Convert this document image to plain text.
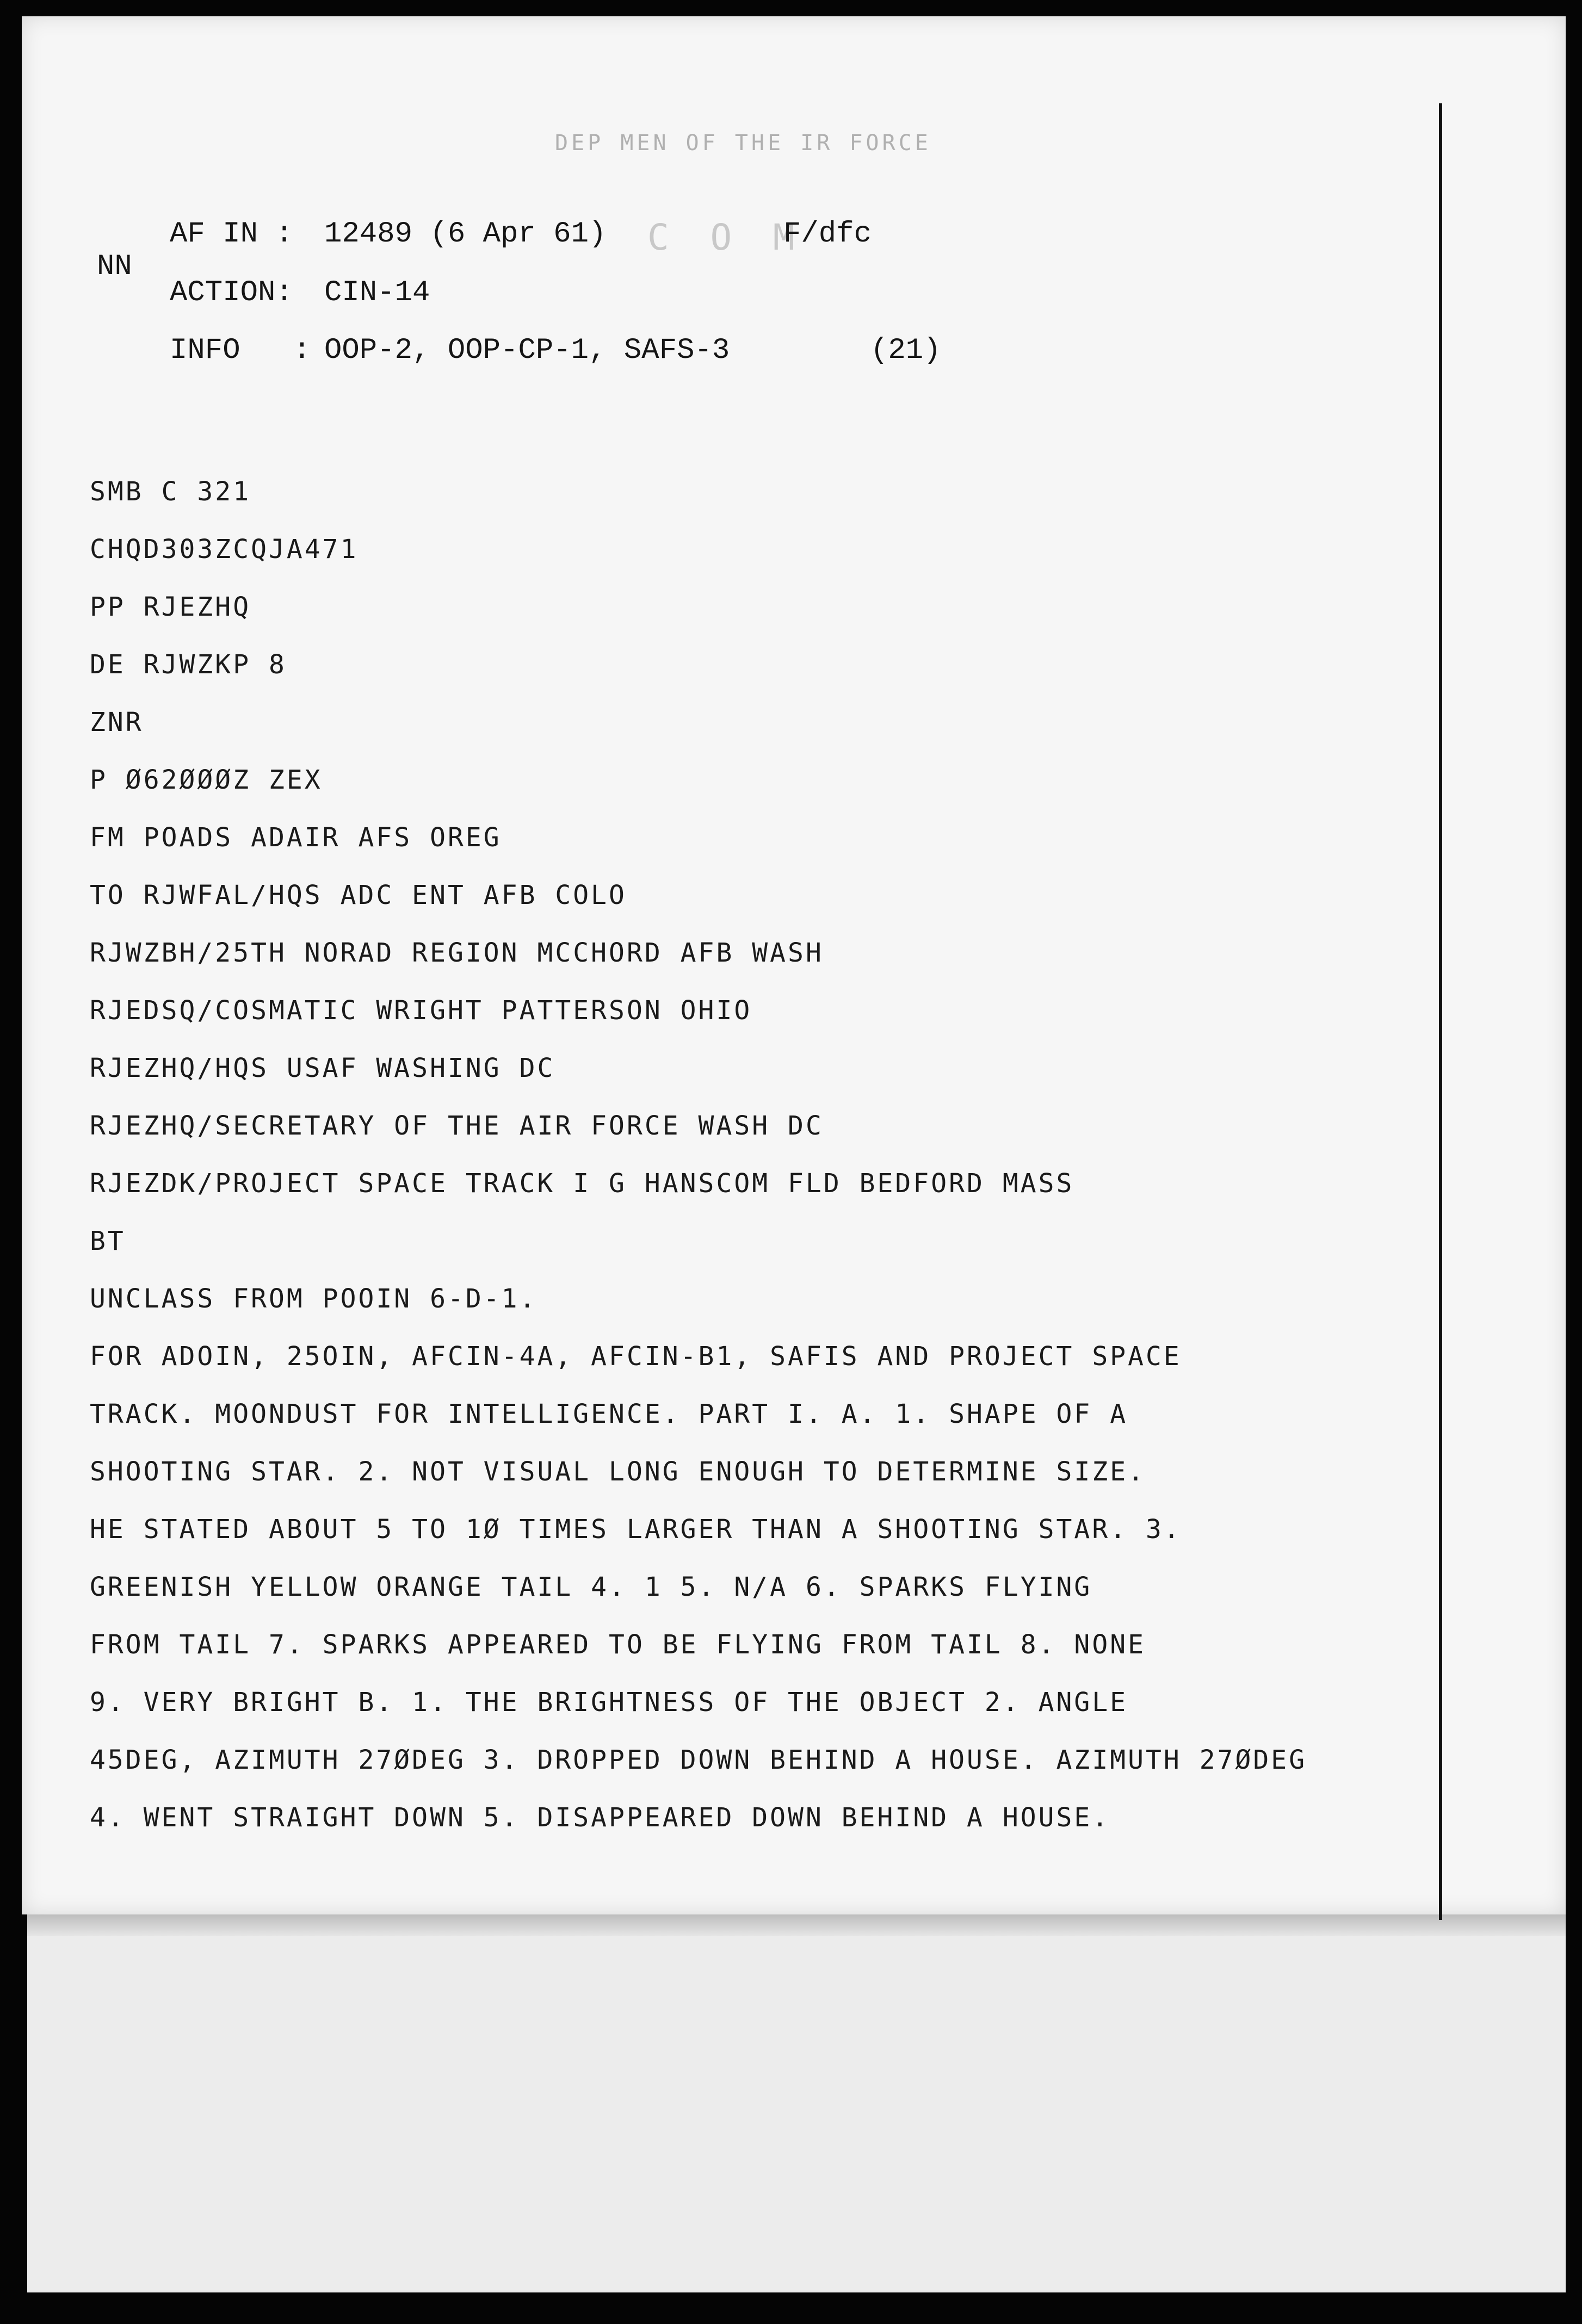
DEP MEN OF THE IR FORCE
NN
AF IN : 12489 (6 Apr 61) C O M
F/dfc
ACTION: CIN-14
INFO   : OOP-2, OOP-CP-1, SAFS-3	(21)
SMB C 321
CHQD303ZCQJA471
PP RJEZHQ
DE RJWZKP 8
ZNR
P Ø62ØØØZ ZEX
FM POADS ADAIR AFS OREG
TO RJWFAL/HQS ADC ENT AFB COLO
RJWZBH/25TH NORAD REGION MCCHORD AFB WASH
RJEDSQ/COSMATIC WRIGHT PATTERSON OHIO
RJEZHQ/HQS USAF WASHING DC
RJEZHQ/SECRETARY OF THE AIR FORCE WASH DC
RJEZDK/PROJECT SPACE TRACK I G HANSCOM FLD BEDFORD MASS
BT
UNCLASS FROM POOIN 6-D-1.
FOR ADOIN, 25OIN, AFCIN-4A, AFCIN-B1, SAFIS AND PROJECT SPACE
TRACK. MOONDUST FOR INTELLIGENCE. PART I. A. 1. SHAPE OF A
SHOOTING STAR. 2. NOT VISUAL LONG ENOUGH TO DETERMINE SIZE.
HE STATED ABOUT 5 TO 1Ø TIMES LARGER THAN A SHOOTING STAR. 3.
GREENISH YELLOW ORANGE TAIL 4. 1 5. N/A 6. SPARKS FLYING
FROM TAIL 7. SPARKS APPEARED TO BE FLYING FROM TAIL 8. NONE
9. VERY BRIGHT B. 1. THE BRIGHTNESS OF THE OBJECT 2. ANGLE
45DEG, AZIMUTH 27ØDEG 3. DROPPED DOWN BEHIND A HOUSE. AZIMUTH 27ØDEG
4. WENT STRAIGHT DOWN 5. DISAPPEARED DOWN BEHIND A HOUSE.
